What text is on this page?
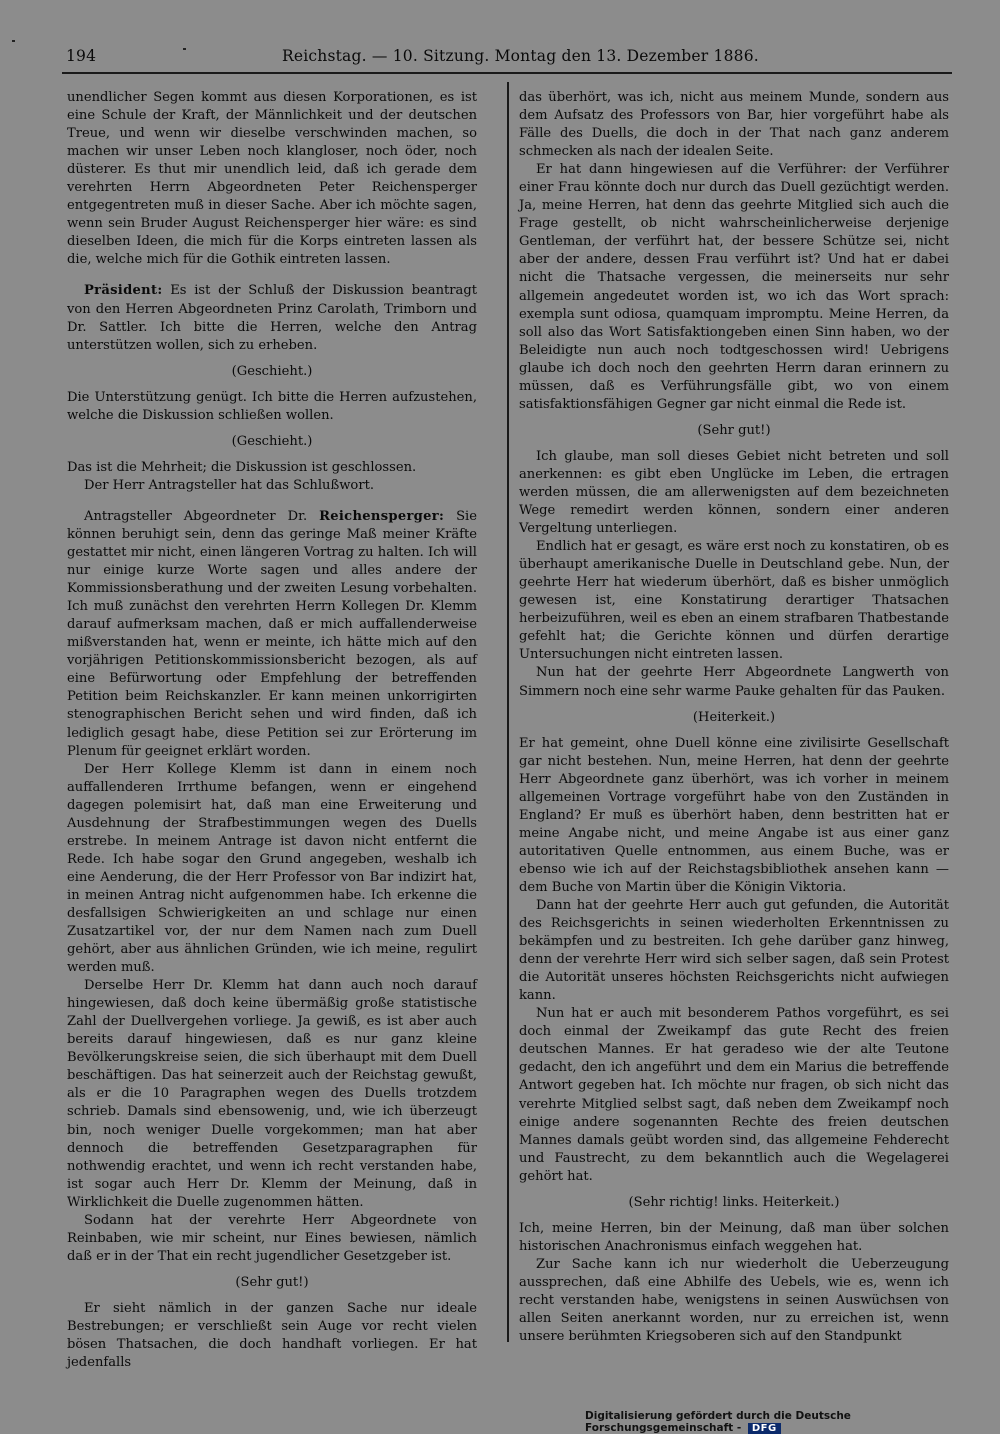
194	Reichstag. — 10. Sitzung. Montag den 13. Dezember 1886.

unendlicher Segen kommt aus diesen Korporationen, es ist eine Schule der Kraft, der Männlichkeit und der deutschen Treue, und wenn wir dieselbe verschwinden machen, so machen wir unser Leben noch klangloser, noch öder, noch düsterer. Es thut mir unendlich leid, daß ich gerade dem verehrten Herrn Abgeordneten Peter Reichensperger entgegentreten muß in dieser Sache. Aber ich möchte sagen, wenn sein Bruder August Reichensperger hier wäre: es sind dieselben Ideen, die mich für die Korps eintreten lassen als die, welche mich für die Gothik eintreten lassen.

Präsident: Es ist der Schluß der Diskussion beantragt von den Herren Abgeordneten Prinz Carolath, Trimborn und Dr. Sattler. Ich bitte die Herren, welche den Antrag unterstützen wollen, sich zu erheben.

(Geschieht.)

Die Unterstützung genügt. Ich bitte die Herren aufzustehen, welche die Diskussion schließen wollen.

(Geschieht.)

Das ist die Mehrheit; die Diskussion ist geschlossen.

Der Herr Antragsteller hat das Schlußwort.

Antragsteller Abgeordneter Dr. Reichensperger: Sie können beruhigt sein, denn das geringe Maß meiner Kräfte gestattet mir nicht, einen längeren Vortrag zu halten. Ich will nur einige kurze Worte sagen und alles andere der Kommissionsberathung und der zweiten Lesung vorbehalten. Ich muß zunächst den verehrten Herrn Kollegen Dr. Klemm darauf aufmerksam machen, daß er mich auffallenderweise mißverstanden hat, wenn er meinte, ich hätte mich auf den vorjährigen Petitionskommissionsbericht bezogen, als auf eine Befürwortung oder Empfehlung der betreffenden Petition beim Reichskanzler. Er kann meinen unkorrigirten stenographischen Bericht sehen und wird finden, daß ich lediglich gesagt habe, diese Petition sei zur Erörterung im Plenum für geeignet erklärt worden.

Der Herr Kollege Klemm ist dann in einem noch auffallenderen Irrthume befangen, wenn er eingehend dagegen polemisirt hat, daß man eine Erweiterung und Ausdehnung der Strafbestimmungen wegen des Duells erstrebe. In meinem Antrage ist davon nicht entfernt die Rede. Ich habe sogar den Grund angegeben, weshalb ich eine Aenderung, die der Herr Professor von Bar indizirt hat, in meinen Antrag nicht aufgenommen habe. Ich erkenne die desfallsigen Schwierigkeiten an und schlage nur einen Zusatzartikel vor, der nur dem Namen nach zum Duell gehört, aber aus ähnlichen Gründen, wie ich meine, regulirt werden muß.

Derselbe Herr Dr. Klemm hat dann auch noch darauf hingewiesen, daß doch keine übermäßig große statistische Zahl der Duellvergehen vorliege. Ja gewiß, es ist aber auch bereits darauf hingewiesen, daß es nur ganz kleine Bevölkerungskreise seien, die sich überhaupt mit dem Duell beschäftigen. Das hat seinerzeit auch der Reichstag gewußt, als er die 10 Paragraphen wegen des Duells trotzdem schrieb. Damals sind ebensowenig, und, wie ich überzeugt bin, noch weniger Duelle vorgekommen; man hat aber dennoch die betreffenden Gesetzparagraphen für nothwendig erachtet, und wenn ich recht verstanden habe, ist sogar auch Herr Dr. Klemm der Meinung, daß in Wirklichkeit die Duelle zugenommen hätten.

Sodann hat der verehrte Herr Abgeordnete von Reinbaben, wie mir scheint, nur Eines bewiesen, nämlich daß er in der That ein recht jugendlicher Gesetzgeber ist.

(Sehr gut!)

Er sieht nämlich in der ganzen Sache nur ideale Bestrebungen; er verschließt sein Auge vor recht vielen bösen Thatsachen, die doch handhaft vorliegen. Er hat jedenfalls

das überhört, was ich, nicht aus meinem Munde, sondern aus dem Aufsatz des Professors von Bar, hier vorgeführt habe als Fälle des Duells, die doch in der That nach ganz anderem schmecken als nach der idealen Seite.

Er hat dann hingewiesen auf die Verführer: der Verführer einer Frau könnte doch nur durch das Duell gezüchtigt werden. Ja, meine Herren, hat denn das geehrte Mitglied sich auch die Frage gestellt, ob nicht wahrscheinlicherweise derjenige Gentleman, der verführt hat, der bessere Schütze sei, nicht aber der andere, dessen Frau verführt ist? Und hat er dabei nicht die Thatsache vergessen, die meinerseits nur sehr allgemein angedeutet worden ist, wo ich das Wort sprach: exempla sunt odiosa, quamquam impromptu. Meine Herren, da soll also das Wort Satisfaktiongeben einen Sinn haben, wo der Beleidigte nun auch noch todtgeschossen wird! Uebrigens glaube ich doch noch den geehrten Herrn daran erinnern zu müssen, daß es Verführungsfälle gibt, wo von einem satisfaktionsfähigen Gegner gar nicht einmal die Rede ist.

(Sehr gut!)

Ich glaube, man soll dieses Gebiet nicht betreten und soll anerkennen: es gibt eben Unglücke im Leben, die ertragen werden müssen, die am allerwenigsten auf dem bezeichneten Wege remedirt werden können, sondern einer anderen Vergeltung unterliegen.

Endlich hat er gesagt, es wäre erst noch zu konstatiren, ob es überhaupt amerikanische Duelle in Deutschland gebe. Nun, der geehrte Herr hat wiederum überhört, daß es bisher unmöglich gewesen ist, eine Konstatirung derartiger Thatsachen herbeizuführen, weil es eben an einem strafbaren Thatbestande gefehlt hat; die Gerichte können und dürfen derartige Untersuchungen nicht eintreten lassen.

Nun hat der geehrte Herr Abgeordnete Langwerth von Simmern noch eine sehr warme Pauke gehalten für das Pauken.

(Heiterkeit.)

Er hat gemeint, ohne Duell könne eine zivilisirte Gesellschaft gar nicht bestehen. Nun, meine Herren, hat denn der geehrte Herr Abgeordnete ganz überhört, was ich vorher in meinem allgemeinen Vortrage vorgeführt habe von den Zuständen in England? Er muß es überhört haben, denn bestritten hat er meine Angabe nicht, und meine Angabe ist aus einer ganz autoritativen Quelle entnommen, aus einem Buche, was er ebenso wie ich auf der Reichstagsbibliothek ansehen kann — dem Buche von Martin über die Königin Viktoria.

Dann hat der geehrte Herr auch gut gefunden, die Autorität des Reichsgerichts in seinen wiederholten Erkenntnissen zu bekämpfen und zu bestreiten. Ich gehe darüber ganz hinweg, denn der verehrte Herr wird sich selber sagen, daß sein Protest die Autorität unseres höchsten Reichsgerichts nicht aufwiegen kann.

Nun hat er auch mit besonderem Pathos vorgeführt, es sei doch einmal der Zweikampf das gute Recht des freien deutschen Mannes. Er hat geradeso wie der alte Teutone gedacht, den ich angeführt und dem ein Marius die betreffende Antwort gegeben hat. Ich möchte nur fragen, ob sich nicht das verehrte Mitglied selbst sagt, daß neben dem Zweikampf noch einige andere sogenannten Rechte des freien deutschen Mannes damals geübt worden sind, das allgemeine Fehderecht und Faustrecht, zu dem bekanntlich auch die Wegelagerei gehört hat.

(Sehr richtig! links. Heiterkeit.)

Ich, meine Herren, bin der Meinung, daß man über solchen historischen Anachronismus einfach weggehen hat.

Zur Sache kann ich nur wiederholt die Ueberzeugung aussprechen, daß eine Abhilfe des Uebels, wie es, wenn ich recht verstanden habe, wenigstens in seinen Auswüchsen von allen Seiten anerkannt worden, nur zu erreichen ist, wenn unsere berühmten Kriegsoberen sich auf den Standpunkt

Digitalisierung gefördert durch die Deutsche Forschungsgemeinschaft - DFG
